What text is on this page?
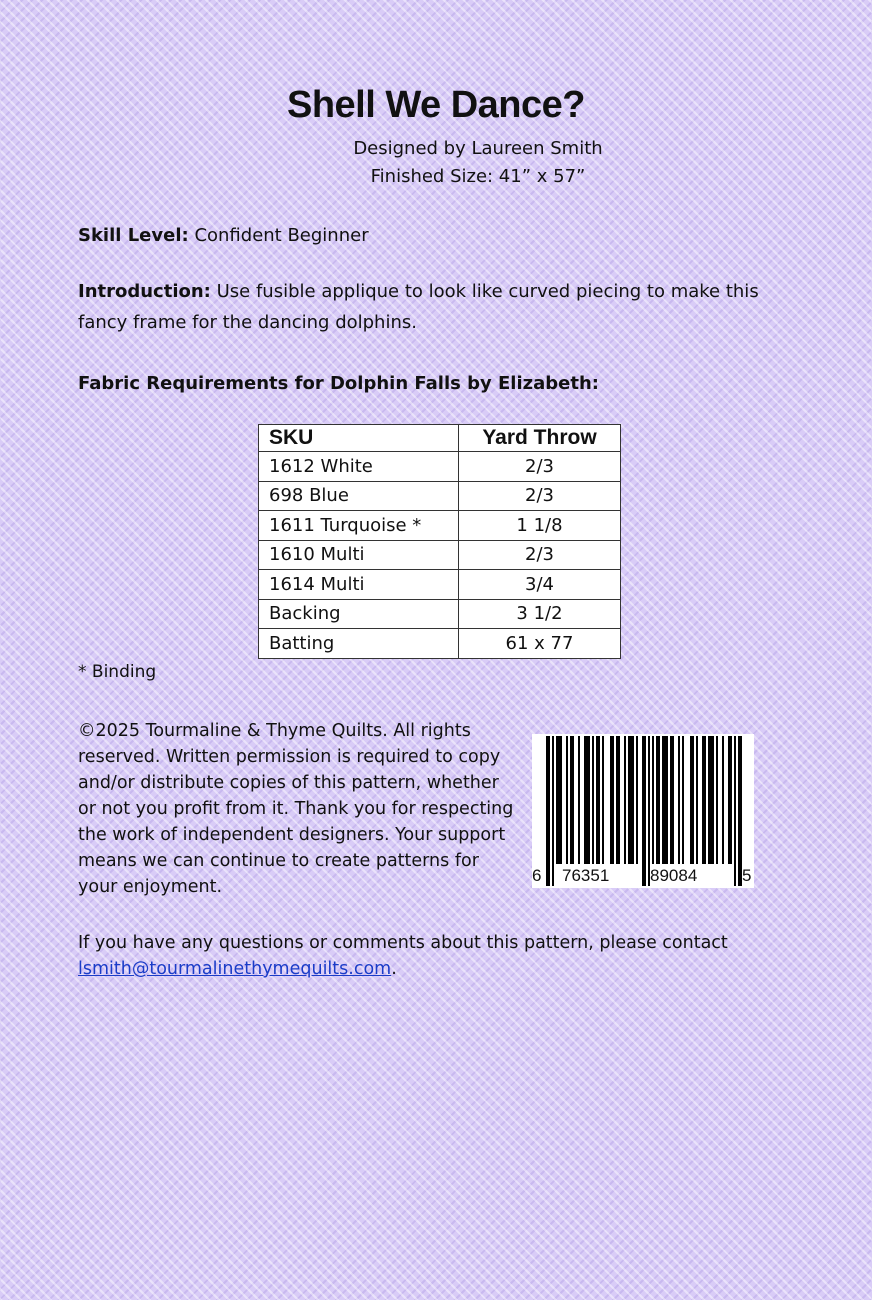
Shell We Dance?
Designed by Laureen Smith
Finished Size: 41” x 57”
Skill Level: Confident Beginner
Introduction: Use fusible applique to look like curved piecing to make this fancy frame for the dancing dolphins.
Fabric Requirements for Dolphin Falls by Elizabeth:
SKU	Yard Throw
1612 White	2/3
698 Blue	2/3
1611 Turquoise *	1 1/8
1610 Multi	2/3
1614 Multi	3/4
Backing	3 1/2
Batting	61 x 77
* Binding
©2025 Tourmaline & Thyme Quilts. All rights reserved. Written permission is required to copy and/or distribute copies of this pattern, whether or not you profit from it. Thank you for respecting the work of independent designers. Your support means we can continue to create patterns for your enjoyment.
6 76351 89084	5
If you have any questions or comments about this pattern, please contact
lsmith@tourmalinethymequilts.com.
